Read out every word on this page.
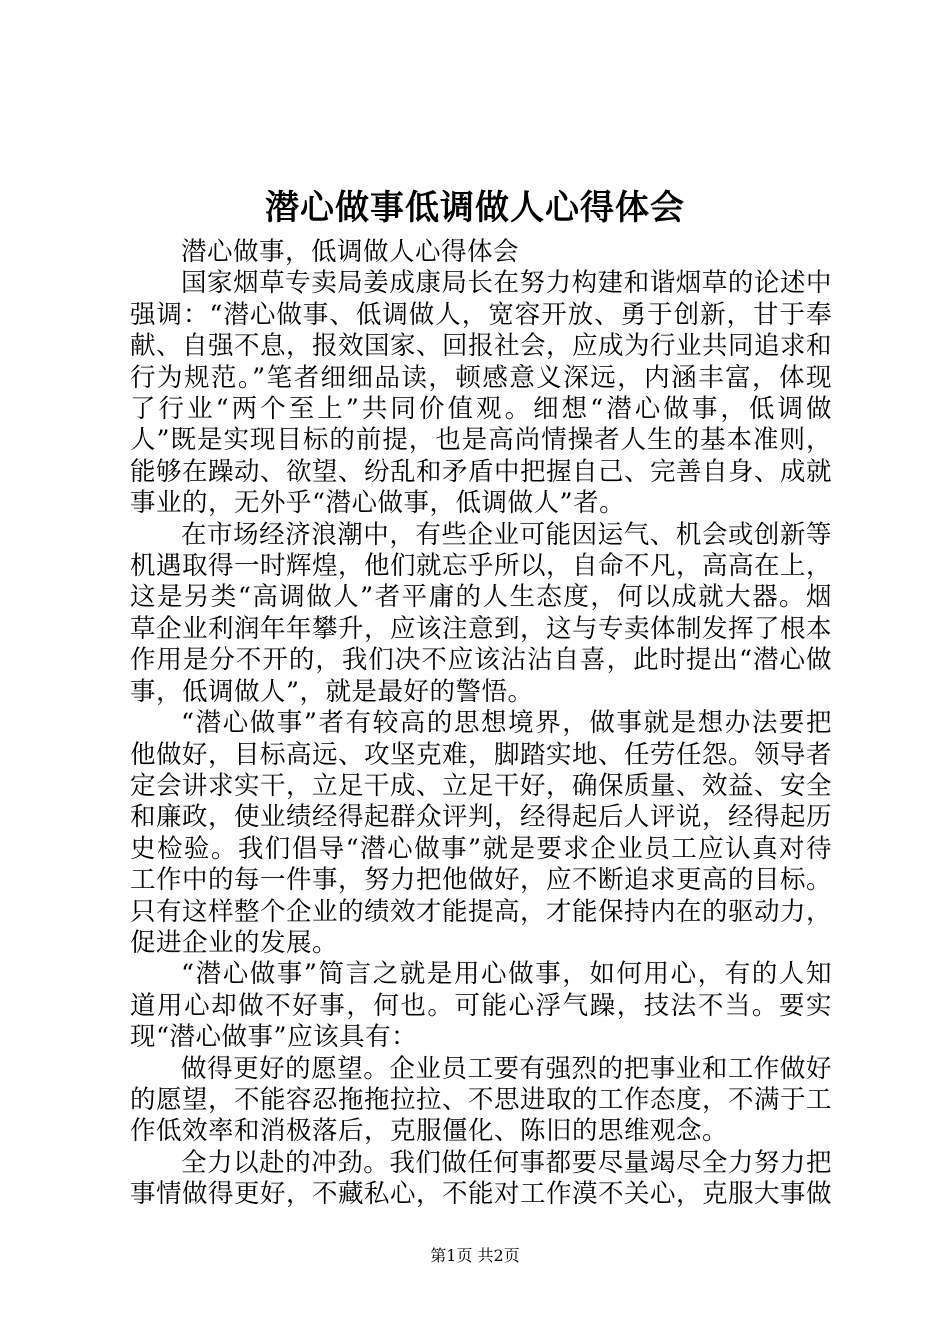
潜心做事低调做人心得体会

潜心做事，低调做人心得体会

国家烟草专卖局姜成康局长在努力构建和谐烟草的论述中强调：“潜心做事、低调做人，宽容开放、勇于创新，甘于奉献、自强不息，报效国家、回报社会，应成为行业共同追求和行为规范。”笔者细细品读，顿感意义深远，内涵丰富，体现了行业“两个至上”共同价值观。细想“潜心做事，低调做人”既是实现目标的前提，也是高尚情操者人生的基本准则，能够在躁动、欲望、纷乱和矛盾中把握自己、完善自身、成就事业的，无外乎“潜心做事，低调做人”者。

在市场经济浪潮中，有些企业可能因运气、机会或创新等机遇取得一时辉煌，他们就忘乎所以，自命不凡，高高在上，这是另类“高调做人”者平庸的人生态度，何以成就大器。烟草企业利润年年攀升，应该注意到，这与专卖体制发挥了根本作用是分不开的，我们决不应该沾沾自喜，此时提出“潜心做事，低调做人”，就是最好的警悟。

“潜心做事”者有较高的思想境界，做事就是想办法要把他做好，目标高远、攻坚克难，脚踏实地、任劳任怨。领导者定会讲求实干，立足干成、立足干好，确保质量、效益、安全和廉政，使业绩经得起群众评判，经得起后人评说，经得起历史检验。我们倡导“潜心做事”就是要求企业员工应认真对待工作中的每一件事，努力把他做好，应不断追求更高的目标。只有这样整个企业的绩效才能提高，才能保持内在的驱动力，促进企业的发展。

“潜心做事”简言之就是用心做事，如何用心，有的人知道用心却做不好事，何也。可能心浮气躁，技法不当。要实现“潜心做事”应该具有：

做得更好的愿望。企业员工要有强烈的把事业和工作做好的愿望，不能容忍拖拖拉拉、不思进取的工作态度，不满于工作低效率和消极落后，克服僵化、陈旧的思维观念。

全力以赴的冲劲。我们做任何事都要尽量竭尽全力努力把事情做得更好，不藏私心，不能对工作漠不关心，克服大事做

第1页 共2页
